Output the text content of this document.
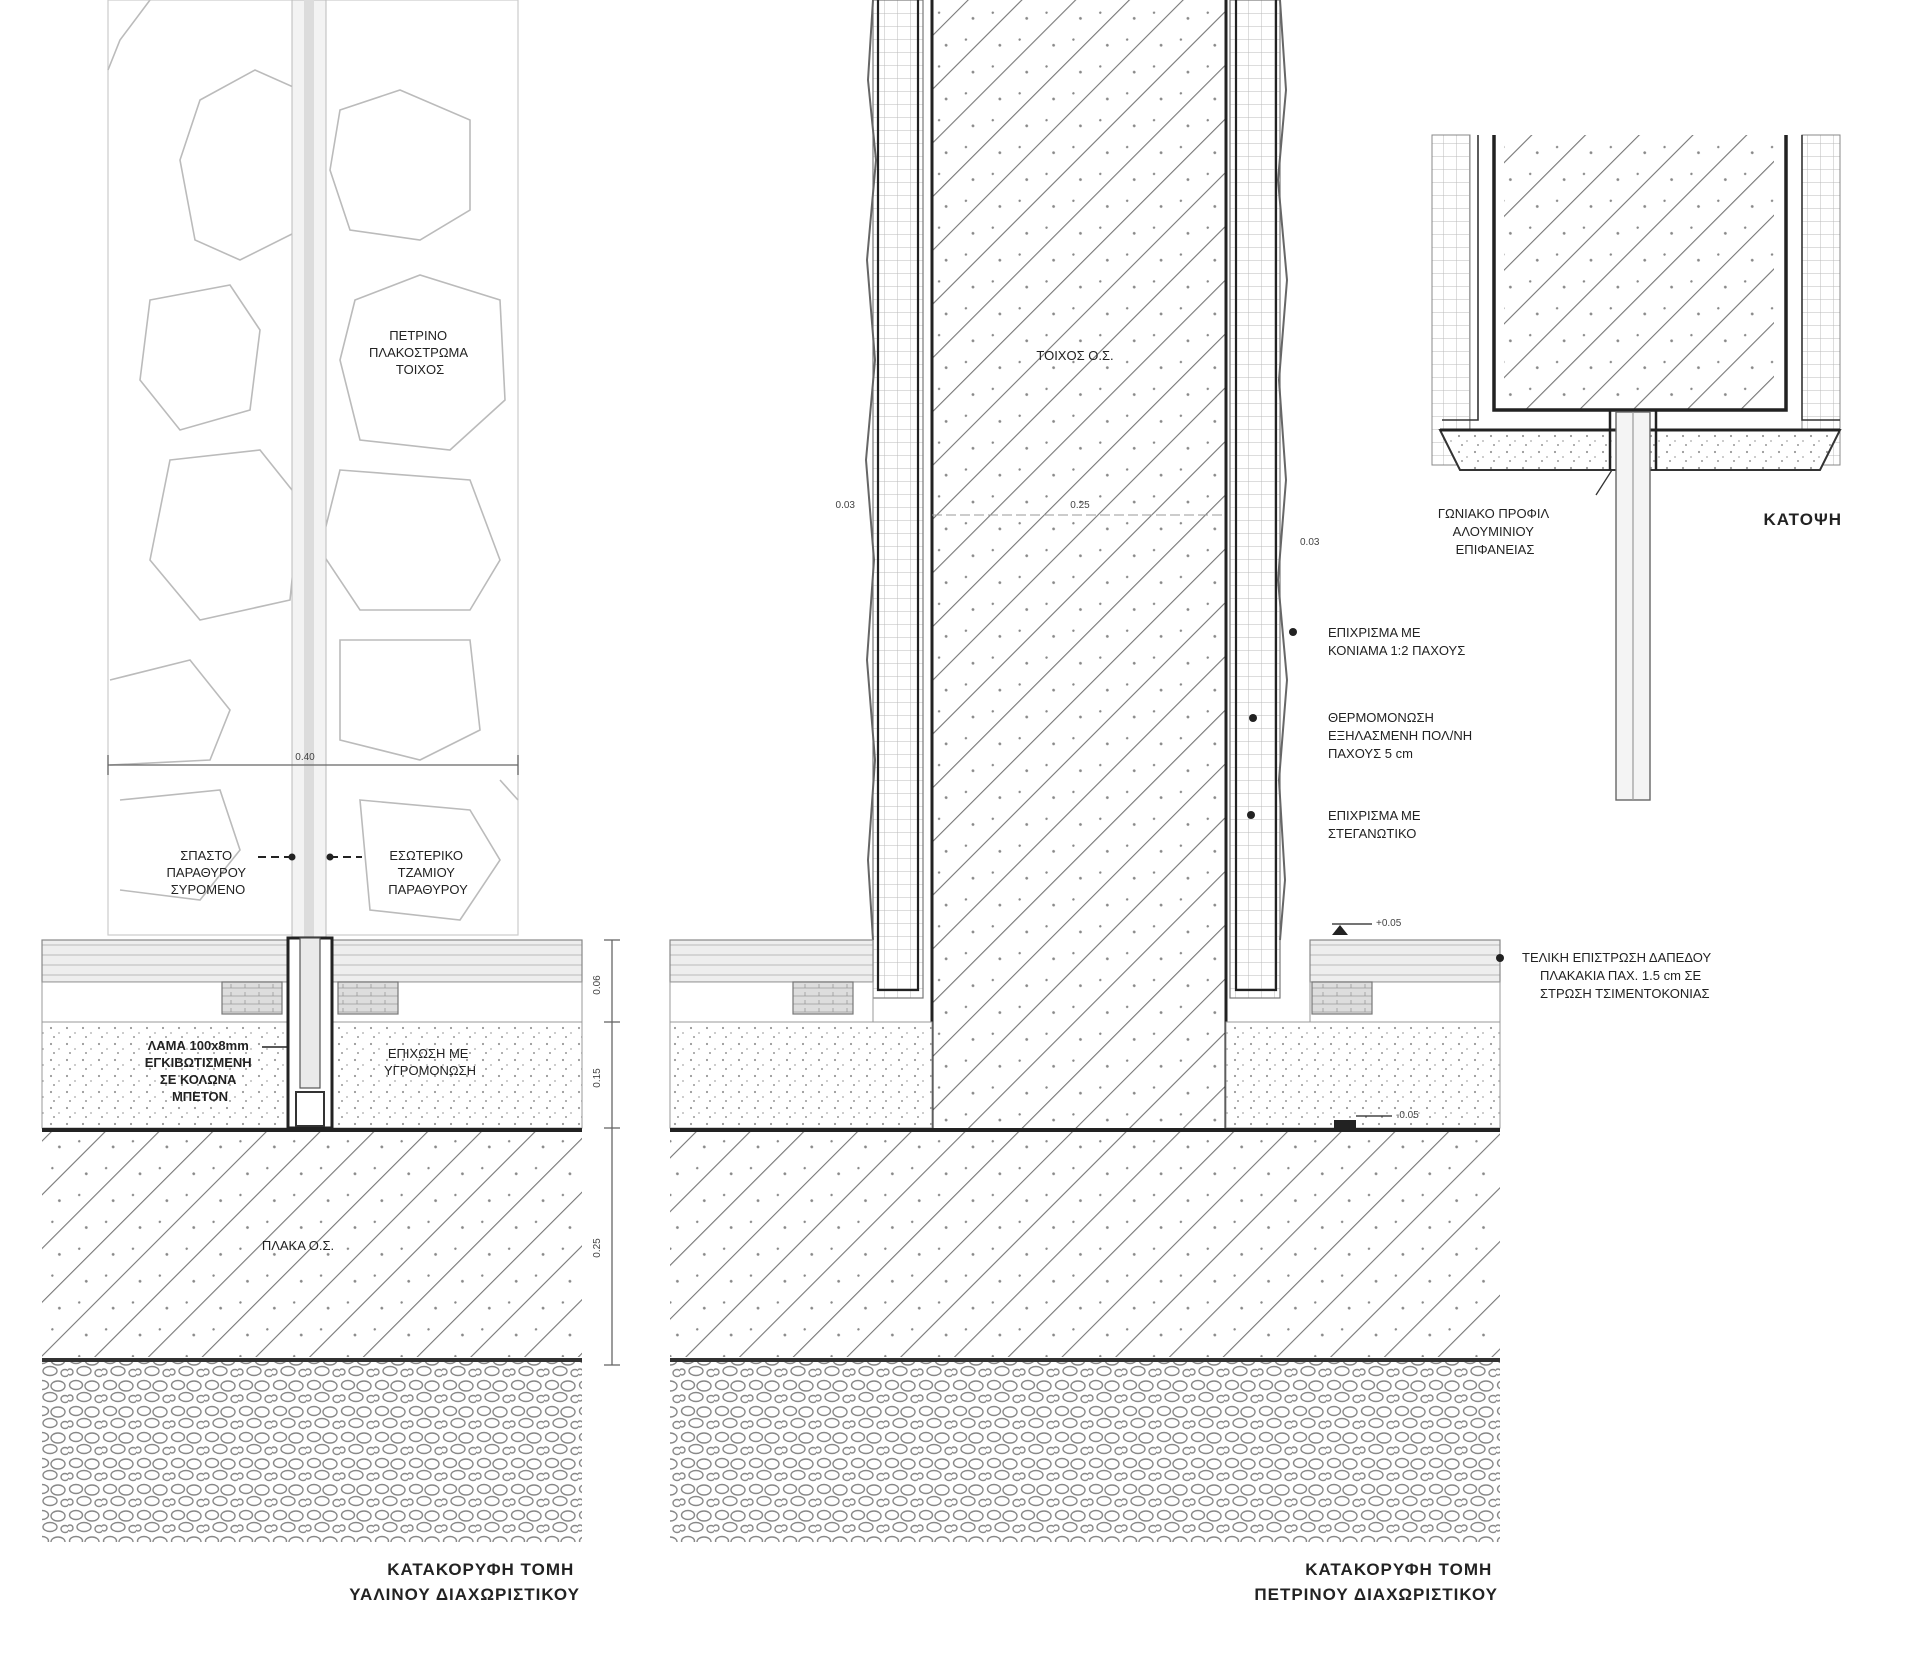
0.40
0.06
0.15
0.25
ΠΕΤΡΙΝΟ ΠΛΑΚΟΣΤΡΩΜΑ ΤΟΙΧΟΣ
ΣΠΑΣΤΟ ΠΑΡΑΘΥΡΟΥ ΣΥΡΟΜΕΝΟ
ΕΣΩΤΕΡΙΚΟ ΤΖΑΜΙΟΥ ΠΑΡΑΘΥΡΟΥ
ΛΑΜΑ 100x8mm ΕΓΚΙΒΩΤΙΣΜΕΝΗ ΣΕ ΚΟΛΩΝΑ ΜΠΕΤΟΝ
ΕΠΙΧΩΣΗ ΜΕ ΥΓΡΟΜΟΝΩΣΗ
ΠΛΑΚΑ Ο.Σ.
ΚΑΤΑΚΟΡΥΦΗ ΤΟΜΗ ΥΑΛΙΝΟΥ ΔΙΑΧΩΡΙΣΤΙΚΟΥ
+0.05
-0.05
0.03	0.25
0.03
ΤΟΙΧΟΣ Ο.Σ.
ΕΠΙΧΡΙΣΜΑ ΜΕ ΚΟΝΙΑΜΑ 1:2 ΠΑΧΟΥΣ
ΘΕΡΜΟΜΟΝΩΣΗ ΕΞΗΛΑΣΜΕΝΗ ΠΟΛ/ΝΗ ΠΑΧΟΥΣ 5 cm
ΕΠΙΧΡΙΣΜΑ ΜΕ ΣΤΕΓΑΝΩΤΙΚΟ
ΤΕΛΙΚΗ ΕΠΙΣΤΡΩΣΗ ΔΑΠΕΔΟΥ ΠΛΑΚΑΚΙΑ ΠΑΧ. 1.5 cm ΣΕ ΣΤΡΩΣΗ ΤΣΙΜΕΝΤΟΚΟΝΙΑΣ
ΚΑΤΑΚΟΡΥΦΗ ΤΟΜΗ ΠΕΤΡΙΝΟΥ ΔΙΑΧΩΡΙΣΤΙΚΟΥ
ΓΩΝΙΑΚΟ ΠΡΟΦΙΛ ΑΛΟΥΜΙΝΙΟΥ ΕΠΙΦΑΝΕΙΑΣ
ΚΑΤΟΨΗ
